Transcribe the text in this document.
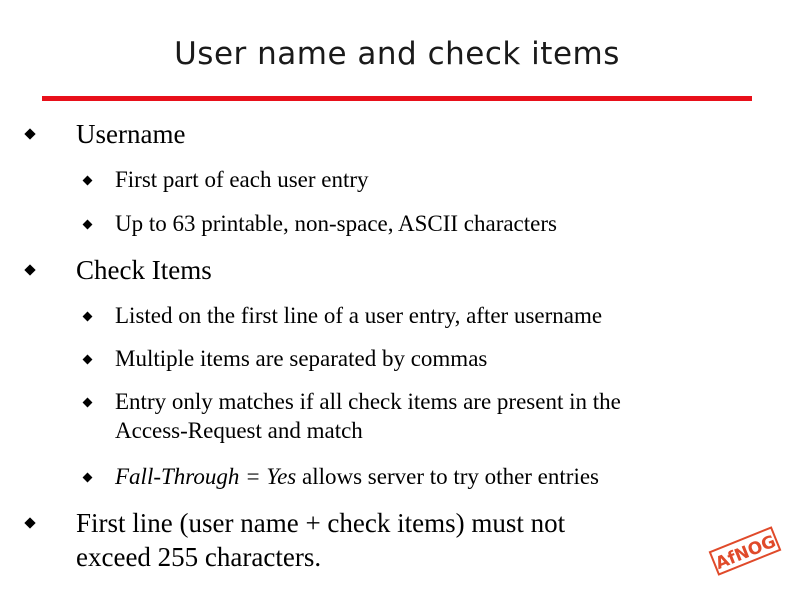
User name and check items
Username
First part of each user entry
Up to 63 printable, non-space, ASCII characters
Check Items
Listed on the first line of a user entry, after username
Multiple items are separated by commas
Entry only matches if all check items are present in the
Access-Request and match
Fall-Through = Yes allows server to try other entries
First line (user name + check items) must not
exceed 255 characters.	AfNOG
